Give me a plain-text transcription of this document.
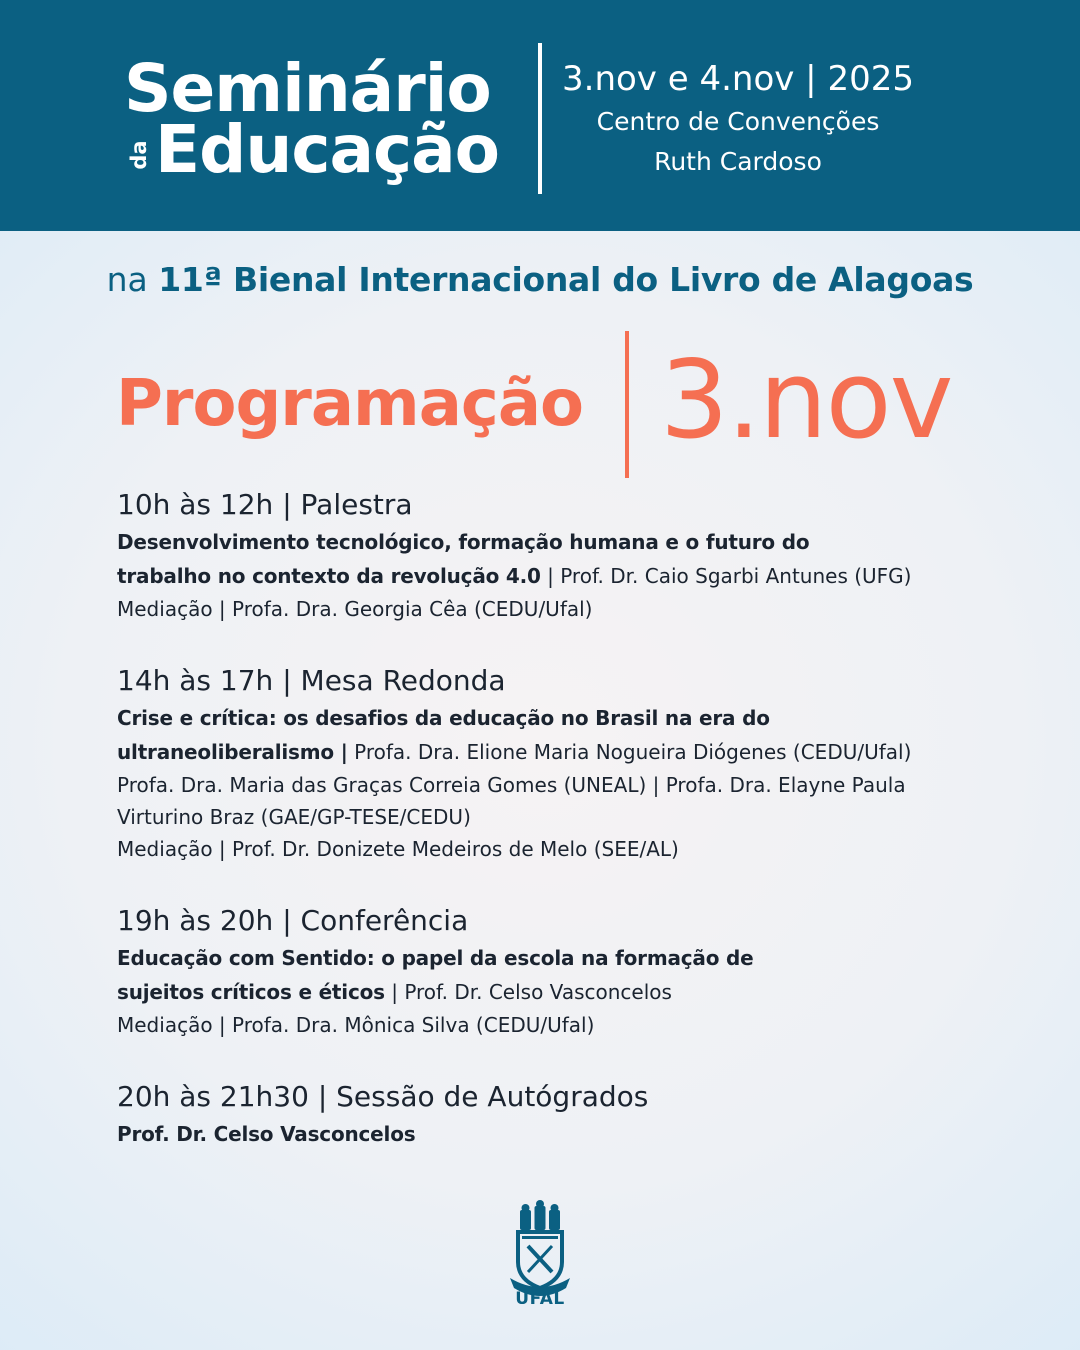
Seminário
da Educação
3.nov e 4.nov | 2025
Centro de Convenções
Ruth Cardoso
na 11ª Bienal Internacional do Livro de Alagoas
Programação 3.nov
10h às 12h | Palestra
Desenvolvimento tecnológico, formação humana e o futuro do
trabalho no contexto da revolução 4.0 | Prof. Dr. Caio Sgarbi Antunes (UFG)
Mediação | Profa. Dra. Georgia Cêa (CEDU/Ufal)
14h às 17h | Mesa Redonda
Crise e crítica: os desafios da educação no Brasil na era do
ultraneoliberalismo | Profa. Dra. Elione Maria Nogueira Diógenes (CEDU/Ufal)
Profa. Dra. Maria das Graças Correia Gomes (UNEAL) | Profa. Dra. Elayne Paula
Virturino Braz (GAE/GP-TESE/CEDU)
Mediação | Prof. Dr. Donizete Medeiros de Melo (SEE/AL)
19h às 20h | Conferência
Educação com Sentido: o papel da escola na formação de
sujeitos críticos e éticos | Prof. Dr. Celso Vasconcelos
Mediação | Profa. Dra. Mônica Silva (CEDU/Ufal)
20h às 21h30 | Sessão de Autógrados
Prof. Dr. Celso Vasconcelos
UFAL
